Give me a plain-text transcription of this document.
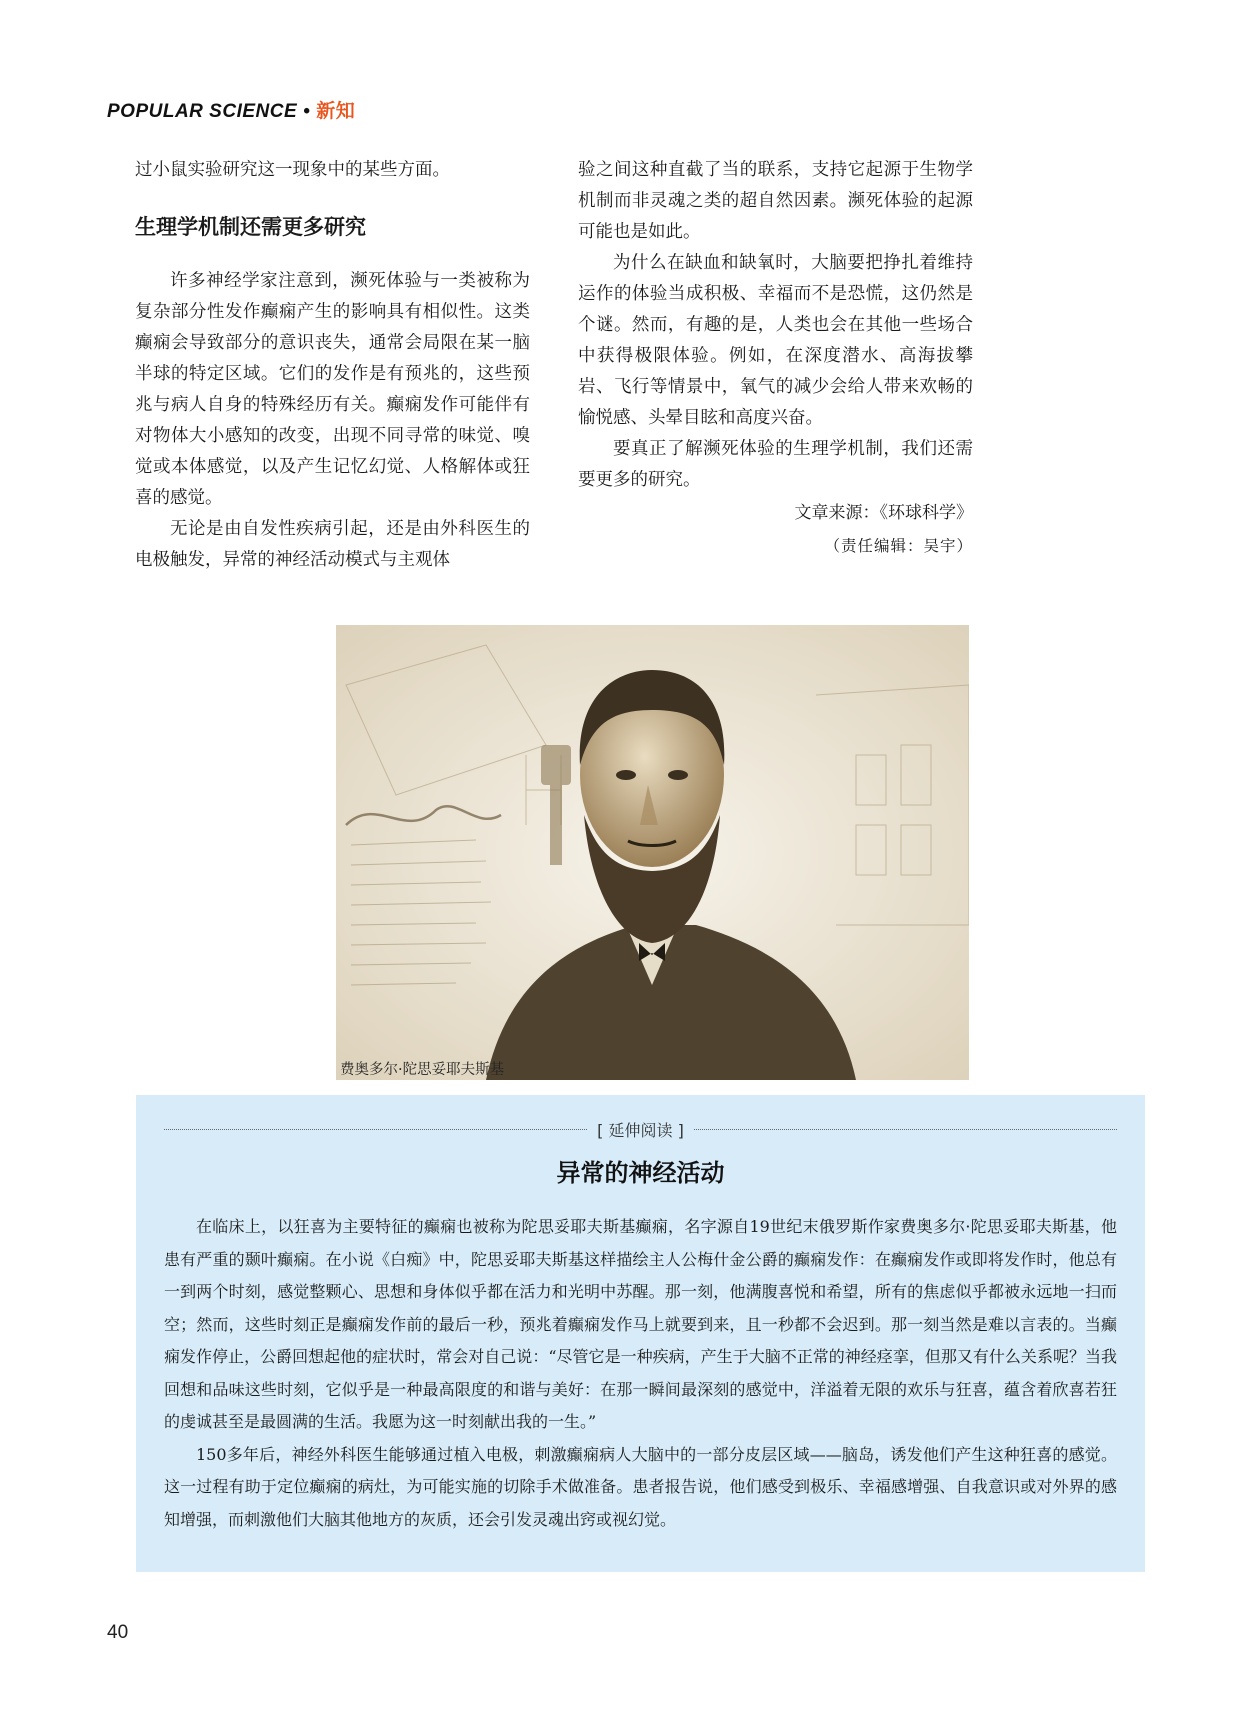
POPULAR SCIENCE • 新知

过小鼠实验研究这一现象中的某些方面。

生理学机制还需更多研究

许多神经学家注意到，濒死体验与一类被称为复杂部分性发作癫痫产生的影响具有相似性。这类癫痫会导致部分的意识丧失，通常会局限在某一脑半球的特定区域。它们的发作是有预兆的，这些预兆与病人自身的特殊经历有关。癫痫发作可能伴有对物体大小感知的改变，出现不同寻常的味觉、嗅觉或本体感觉，以及产生记忆幻觉、人格解体或狂喜的感觉。

无论是由自发性疾病引起，还是由外科医生的电极触发，异常的神经活动模式与主观体

验之间这种直截了当的联系，支持它起源于生物学机制而非灵魂之类的超自然因素。濒死体验的起源可能也是如此。

为什么在缺血和缺氧时，大脑要把挣扎着维持运作的体验当成积极、幸福而不是恐慌，这仍然是个谜。然而，有趣的是，人类也会在其他一些场合中获得极限体验。例如，在深度潜水、高海拔攀岩、飞行等情景中，氧气的减少会给人带来欢畅的愉悦感、头晕目眩和高度兴奋。

要真正了解濒死体验的生理学机制，我们还需要更多的研究。

文章来源：《环球科学》
（责任编辑：吴宇）
费奥多尔·陀思妥耶夫斯基
[ 延伸阅读 ]
异常的神经活动

在临床上，以狂喜为主要特征的癫痫也被称为陀思妥耶夫斯基癫痫，名字源自19世纪末俄罗斯作家费奥多尔·陀思妥耶夫斯基，他患有严重的颞叶癫痫。在小说《白痴》中，陀思妥耶夫斯基这样描绘主人公梅什金公爵的癫痫发作：在癫痫发作或即将发作时，他总有一到两个时刻，感觉整颗心、思想和身体似乎都在活力和光明中苏醒。那一刻，他满腹喜悦和希望，所有的焦虑似乎都被永远地一扫而空；然而，这些时刻正是癫痫发作前的最后一秒，预兆着癫痫发作马上就要到来，且一秒都不会迟到。那一刻当然是难以言表的。当癫痫发作停止，公爵回想起他的症状时，常会对自己说：“尽管它是一种疾病，产生于大脑不正常的神经痉挛，但那又有什么关系呢？当我回想和品味这些时刻，它似乎是一种最高限度的和谐与美好：在那一瞬间最深刻的感觉中，洋溢着无限的欢乐与狂喜，蕴含着欣喜若狂的虔诚甚至是最圆满的生活。我愿为这一时刻献出我的一生。”

150多年后，神经外科医生能够通过植入电极，刺激癫痫病人大脑中的一部分皮层区域——脑岛，诱发他们产生这种狂喜的感觉。这一过程有助于定位癫痫的病灶，为可能实施的切除手术做准备。患者报告说，他们感受到极乐、幸福感增强、自我意识或对外界的感知增强，而刺激他们大脑其他地方的灰质，还会引发灵魂出窍或视幻觉。

40
